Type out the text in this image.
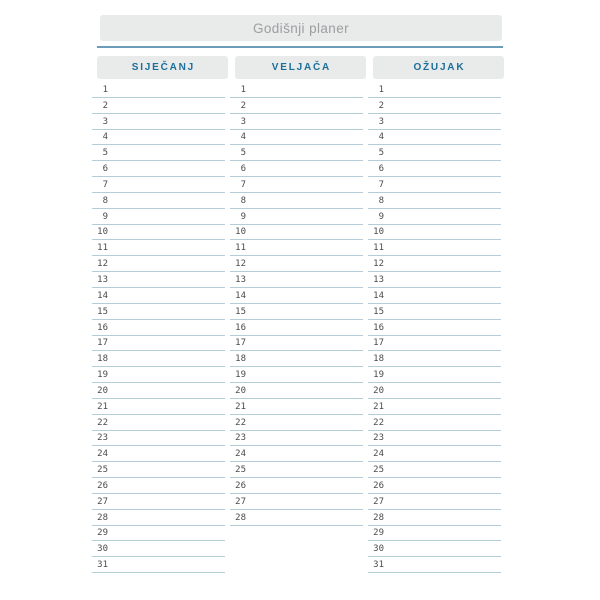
Godišnji planer
SIJEČANJ
1
2
3
4
5
6
7
8
9
10
11
12
13
14
15
16
17
18
19
20
21
22
23
24
25
26
27
28
29
30
31
VELJAČA
1
2
3
4
5
6
7
8
9
10
11
12
13
14
15
16
17
18
19
20
21
22
23
24
25
26
27
28
OŽUJAK
1
2
3
4
5
6
7
8
9
10
11
12
13
14
15
16
17
18
19
20
21
22
23
24
25
26
27
28
29
30
31
